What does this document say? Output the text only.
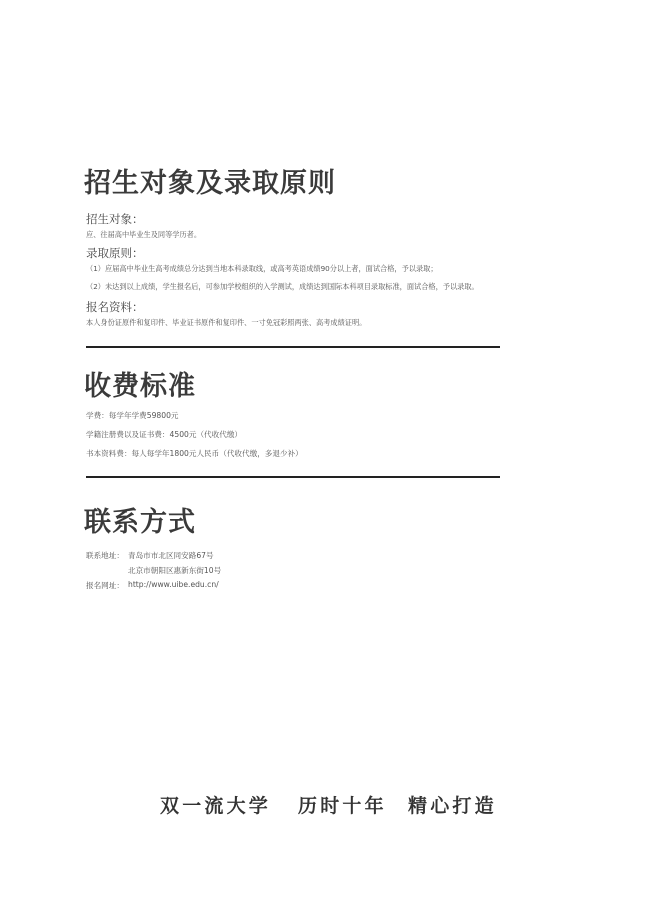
招生对象及录取原则
招生对象：
应、往届高中毕业生及同等学历者。
录取原则：
（1）应届高中毕业生高考成绩总分达到当地本科录取线，或高考英语成绩90分以上者，面试合格，予以录取；
（2）未达到以上成绩，学生报名后，可参加学校组织的入学测试，成绩达到国际本科项目录取标准，面试合格，予以录取。
报名资料：
本人身份证原件和复印件、毕业证书原件和复印件、一寸免冠彩照两张、高考成绩证明。
收费标准
学费：每学年学费59800元
学籍注册费以及证书费：4500元（代收代缴）
书本资料费：每人每学年1800元人民币（代收代缴，多退少补）
联系方式
联系地址： 青岛市市北区同安路67号
北京市朝阳区惠新东街10号
报名网址： http://www.uibe.edu.cn/
双一流大学 历时十年 精心打造
